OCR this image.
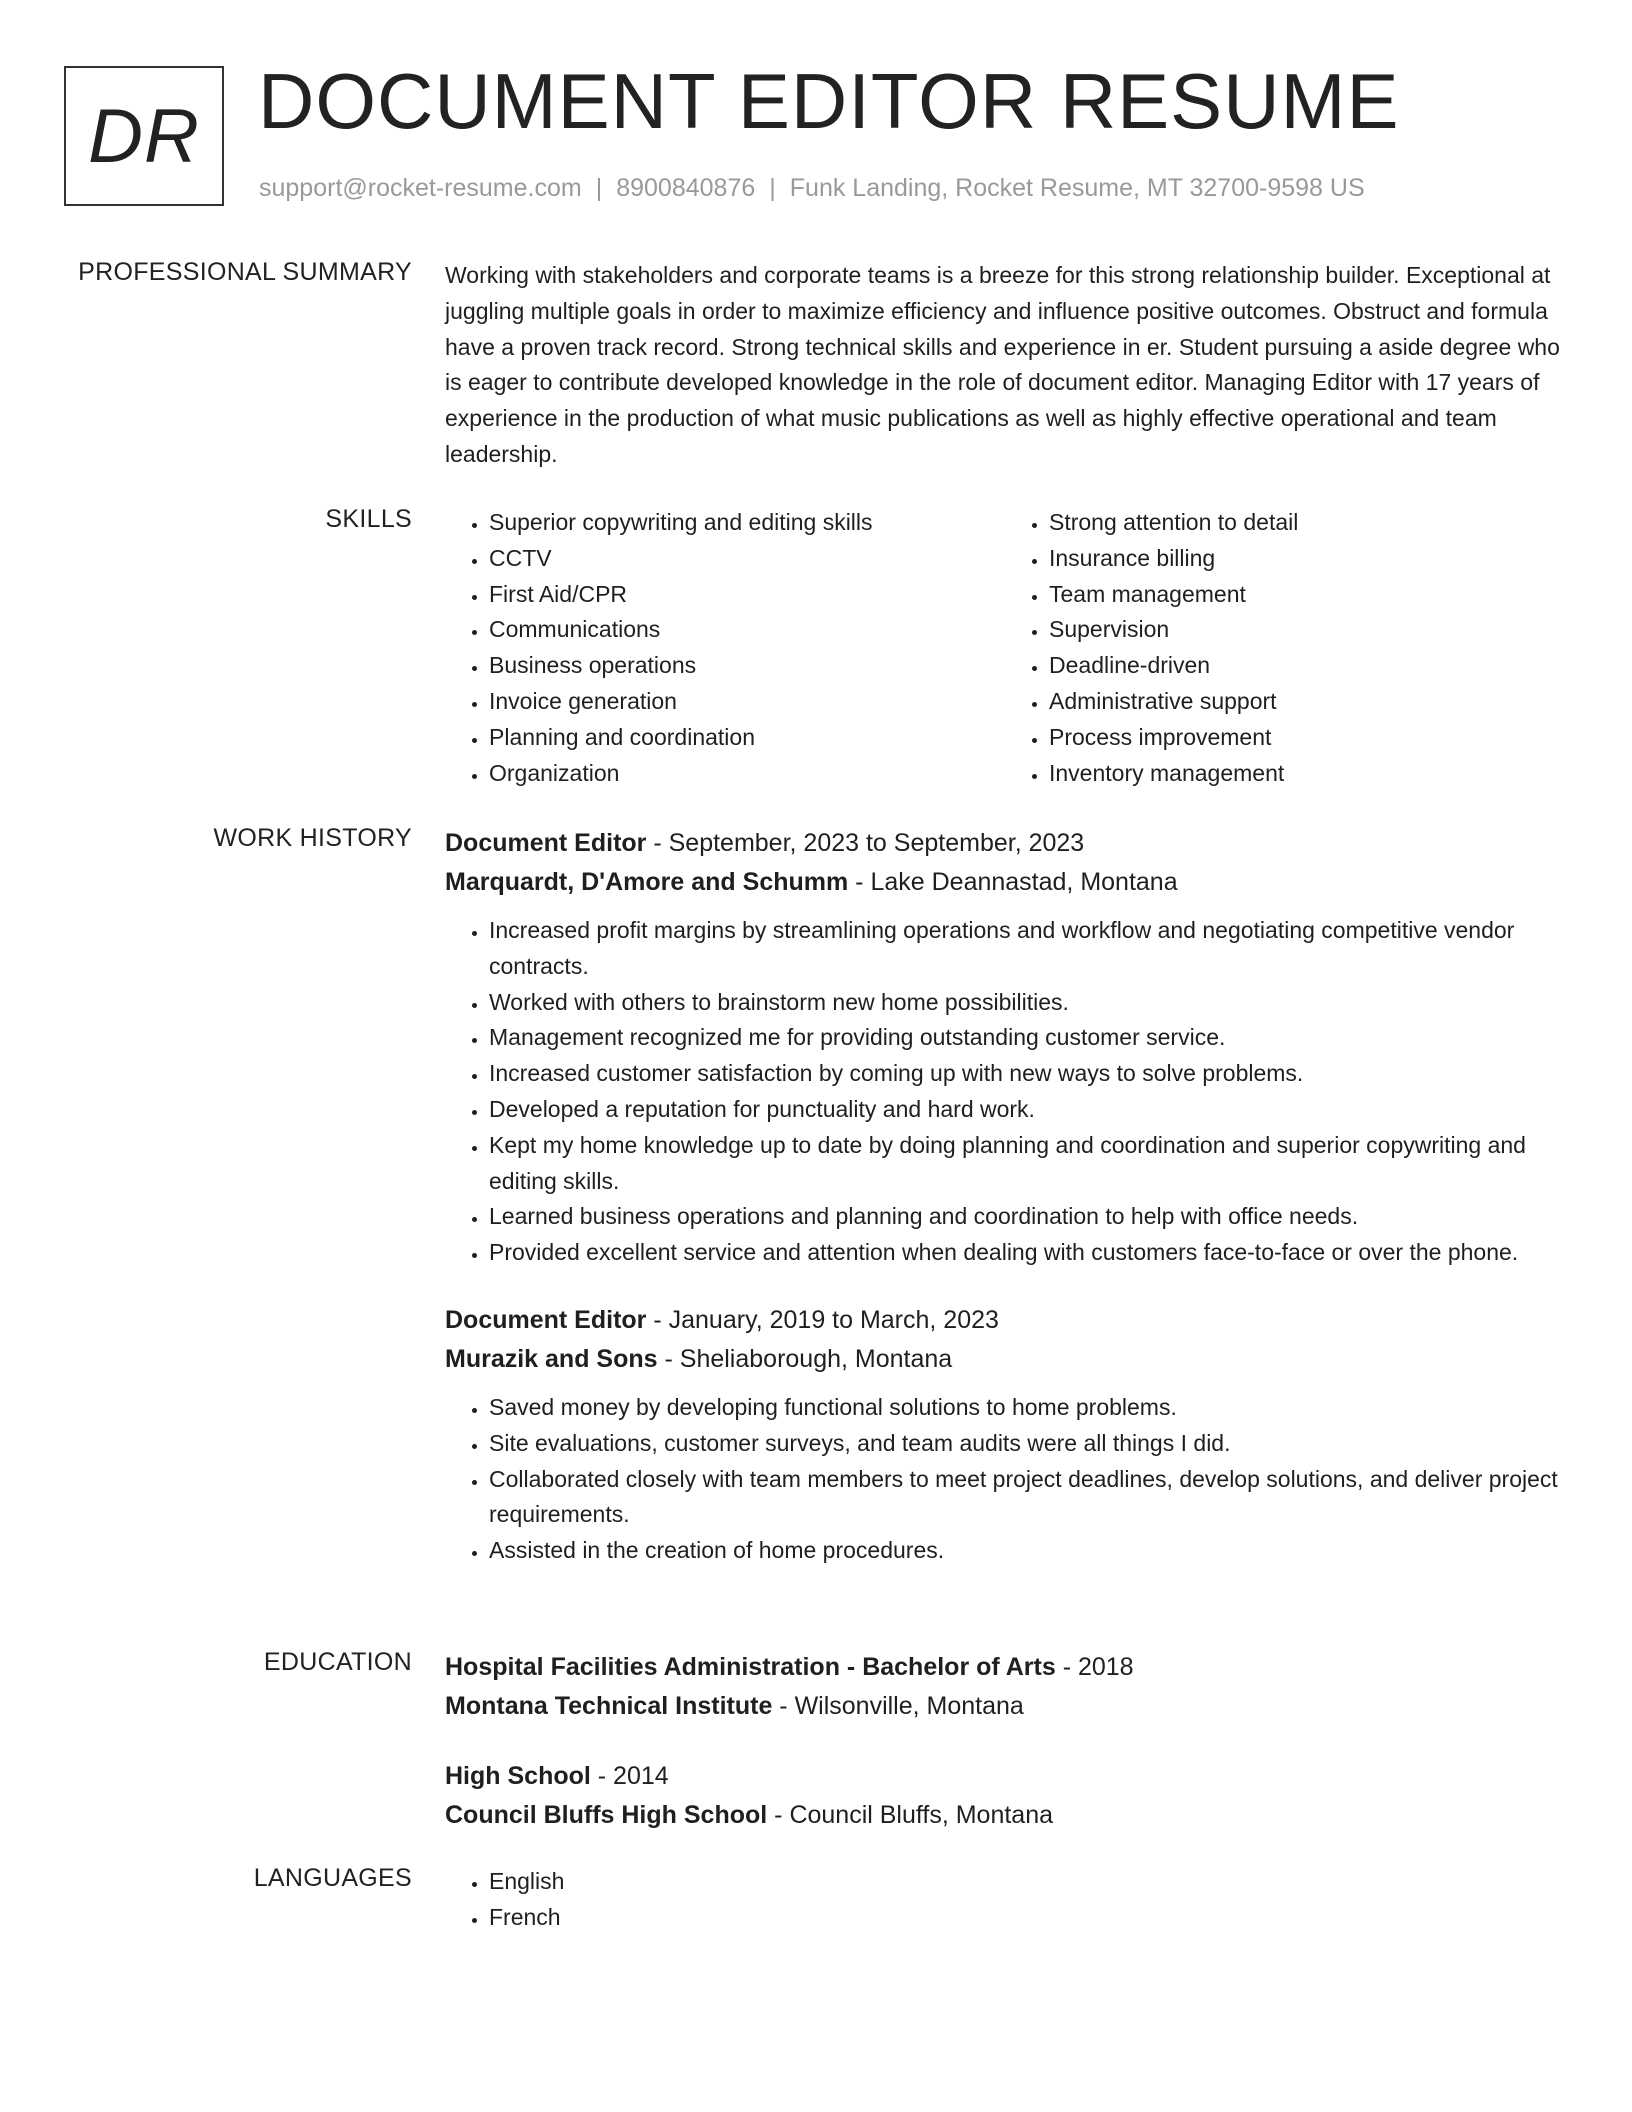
DR DOCUMENT EDITOR RESUME
support@rocket-resume.com | 8900840876 | Funk Landing, Rocket Resume, MT 32700-9598 US
PROFESSIONAL SUMMARY Working with stakeholders and corporate teams is a breeze for this strong relationship builder. Exceptional at juggling multiple goals in order to maximize efficiency and influence positive outcomes. Obstruct and formula have a proven track record. Strong technical skills and experience in er. Student pursuing a aside degree who is eager to contribute developed knowledge in the role of document editor. Managing Editor with 17 years of experience in the production of what music publications as well as highly effective operational and team leadership.

SKILLS	• Superior copywriting and editing skills
• CCTV
• First Aid/CPR
• Communications
• Business operations
• Invoice generation
• Planning and coordination
• Organization
• Strong attention to detail
• Insurance billing
• Team management
• Supervision
• Deadline-driven
• Administrative support
• Process improvement
• Inventory management
WORK HISTORY Document Editor - September, 2023 to September, 2023
Marquardt, D'Amore and Schumm - Lake Deannastad, Montana
• Increased profit margins by streamlining operations and workflow and negotiating competitive vendor contracts.
• Worked with others to brainstorm new home possibilities.
• Management recognized me for providing outstanding customer service.
• Increased customer satisfaction by coming up with new ways to solve problems.
• Developed a reputation for punctuality and hard work.
• Kept my home knowledge up to date by doing planning and coordination and superior copywriting and editing skills.
• Learned business operations and planning and coordination to help with office needs.
• Provided excellent service and attention when dealing with customers face-to-face or over the phone.
Document Editor - January, 2019 to March, 2023
Murazik and Sons - Sheliaborough, Montana
• Saved money by developing functional solutions to home problems.
• Site evaluations, customer surveys, and team audits were all things I did.
• Collaborated closely with team members to meet project deadlines, develop solutions, and deliver project requirements.
• Assisted in the creation of home procedures.
EDUCATION Hospital Facilities Administration - Bachelor of Arts - 2018
Montana Technical Institute - Wilsonville, Montana
High School - 2014
Council Bluffs High School - Council Bluffs, Montana
LANGUAGES	• English
• French
